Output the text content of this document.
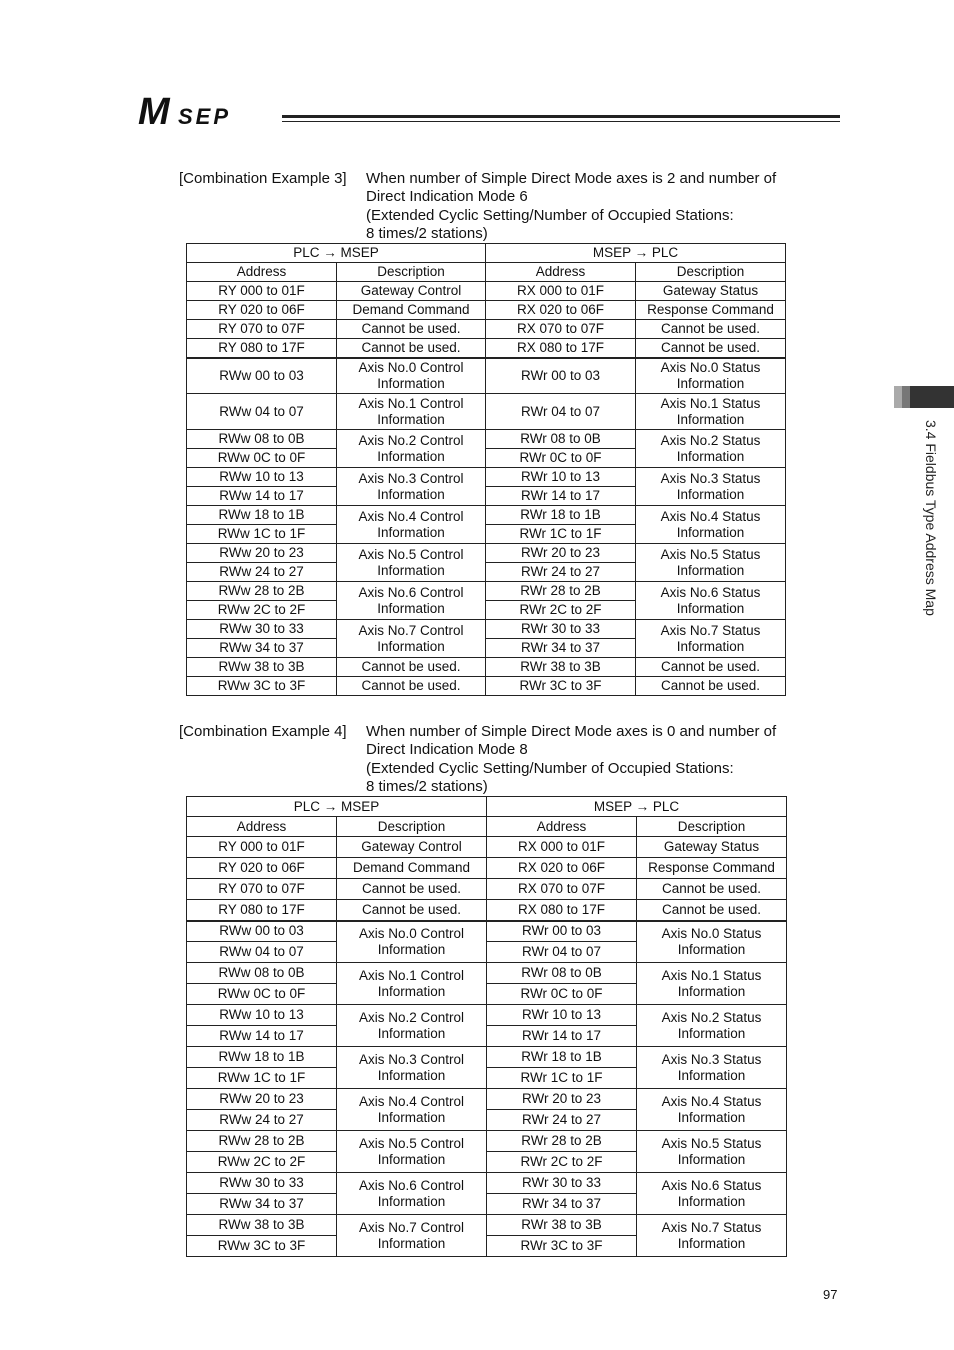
M SEP
3.4 Fieldbus Type Address Map
[Combination Example 3] When number of Simple Direct Mode axes is 2 and number of
Direct Indication Mode 6
(Extended Cyclic Setting/Number of Occupied Stations:
8 times/2 stations)
PLC → MSEP		MSEP → PLC	
Address	Description	Address	Description
RY 000 to 01F	Gateway Control	RX 000 to 01F	Gateway Status
RY 020 to 06F	Demand Command	RX 020 to 06F	Response Command
RY 070 to 07F	Cannot be used.	RX 070 to 07F	Cannot be used.
RY 080 to 17F	Cannot be used.	RX 080 to 17F	Cannot be used.
RWw 00 to 03	Axis No.0 Control Information	RWr 00 to 03	Axis No.0 Status Information
RWw 04 to 07	Axis No.1 Control Information	RWr 04 to 07	Axis No.1 Status Information
RWw 08 to 0B	Axis No.2 Control Information	RWr 08 to 0B	Axis No.2 Status Information
RWw 0C to 0F		RWr 0C to 0F	
RWw 10 to 13	Axis No.3 Control Information	RWr 10 to 13	Axis No.3 Status Information
RWw 14 to 17		RWr 14 to 17	
RWw 18 to 1B	Axis No.4 Control Information	RWr 18 to 1B	Axis No.4 Status Information
RWw 1C to 1F		RWr 1C to 1F	
RWw 20 to 23	Axis No.5 Control Information	RWr 20 to 23	Axis No.5 Status Information
RWw 24 to 27		RWr 24 to 27	
RWw 28 to 2B	Axis No.6 Control Information	RWr 28 to 2B	Axis No.6 Status Information
RWw 2C to 2F		RWr 2C to 2F	
RWw 30 to 33	Axis No.7 Control Information	RWr 30 to 33	Axis No.7 Status Information
RWw 34 to 37		RWr 34 to 37	
RWw 38 to 3B	Cannot be used.	RWr 38 to 3B	Cannot be used.
RWw 3C to 3F	Cannot be used.	RWr 3C to 3F	Cannot be used.
[Combination Example 4] When number of Simple Direct Mode axes is 0 and number of
Direct Indication Mode 8
(Extended Cyclic Setting/Number of Occupied Stations:
8 times/2 stations)
PLC → MSEP		MSEP → PLC	
Address	Description	Address	Description
RY 000 to 01F	Gateway Control	RX 000 to 01F	Gateway Status
RY 020 to 06F	Demand Command	RX 020 to 06F	Response Command
RY 070 to 07F	Cannot be used.	RX 070 to 07F	Cannot be used.
RY 080 to 17F	Cannot be used.	RX 080 to 17F	Cannot be used.
RWw 00 to 03	Axis No.0 Control Information	RWr 00 to 03	Axis No.0 Status Information
RWw 04 to 07		RWr 04 to 07	
RWw 08 to 0B	Axis No.1 Control Information	RWr 08 to 0B	Axis No.1 Status Information
RWw 0C to 0F		RWr 0C to 0F	
RWw 10 to 13	Axis No.2 Control Information	RWr 10 to 13	Axis No.2 Status Information
RWw 14 to 17		RWr 14 to 17	
RWw 18 to 1B	Axis No.3 Control Information	RWr 18 to 1B	Axis No.3 Status Information
RWw 1C to 1F		RWr 1C to 1F	
RWw 20 to 23	Axis No.4 Control Information	RWr 20 to 23	Axis No.4 Status Information
RWw 24 to 27		RWr 24 to 27	
RWw 28 to 2B	Axis No.5 Control Information	RWr 28 to 2B	Axis No.5 Status Information
RWw 2C to 2F		RWr 2C to 2F	
RWw 30 to 33	Axis No.6 Control Information	RWr 30 to 33	Axis No.6 Status Information
RWw 34 to 37		RWr 34 to 37	
RWw 38 to 3B	Axis No.7 Control Information	RWr 38 to 3B	Axis No.7 Status Information
RWw 3C to 3F		RWr 3C to 3F	
97
